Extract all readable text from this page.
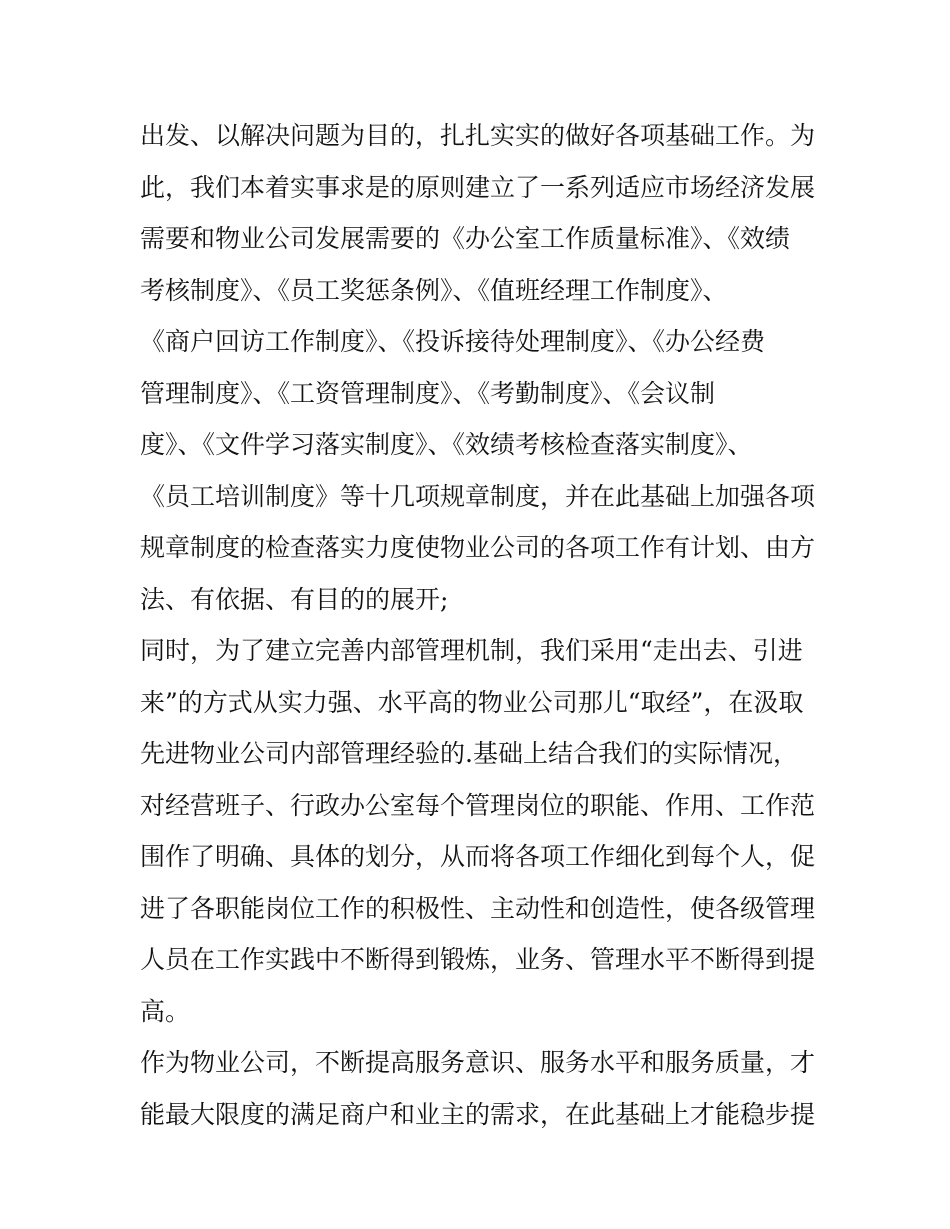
出发、以解决问题为目的，扎扎实实的做好各项基础工作。为
此，我们本着实事求是的原则建立了一系列适应市场经济发展
需要和物业公司发展需要的《办公室工作质量标准》、《效绩
考核制度》、《员工奖惩条例》、《值班经理工作制度》、
《商户回访工作制度》、《投诉接待处理制度》、《办公经费
管理制度》、《工资管理制度》、《考勤制度》、《会议制
度》、《文件学习落实制度》、《效绩考核检查落实制度》、
《员工培训制度》等十几项规章制度，并在此基础上加强各项
规章制度的检查落实力度使物业公司的各项工作有计划、由方
法、有依据、有目的的展开;
同时，为了建立完善内部管理机制，我们采用“走出去、引进
来”的方式从实力强、水平高的物业公司那儿“取经”，在汲取
先进物业公司内部管理经验的.基础上结合我们的实际情况，
对经营班子、行政办公室每个管理岗位的职能、作用、工作范
围作了明确、具体的划分，从而将各项工作细化到每个人，促
进了各职能岗位工作的积极性、主动性和创造性，使各级管理
人员在工作实践中不断得到锻炼，业务、管理水平不断得到提
高。
作为物业公司，不断提高服务意识、服务水平和服务质量，才
能最大限度的满足商户和业主的需求，在此基础上才能稳步提
